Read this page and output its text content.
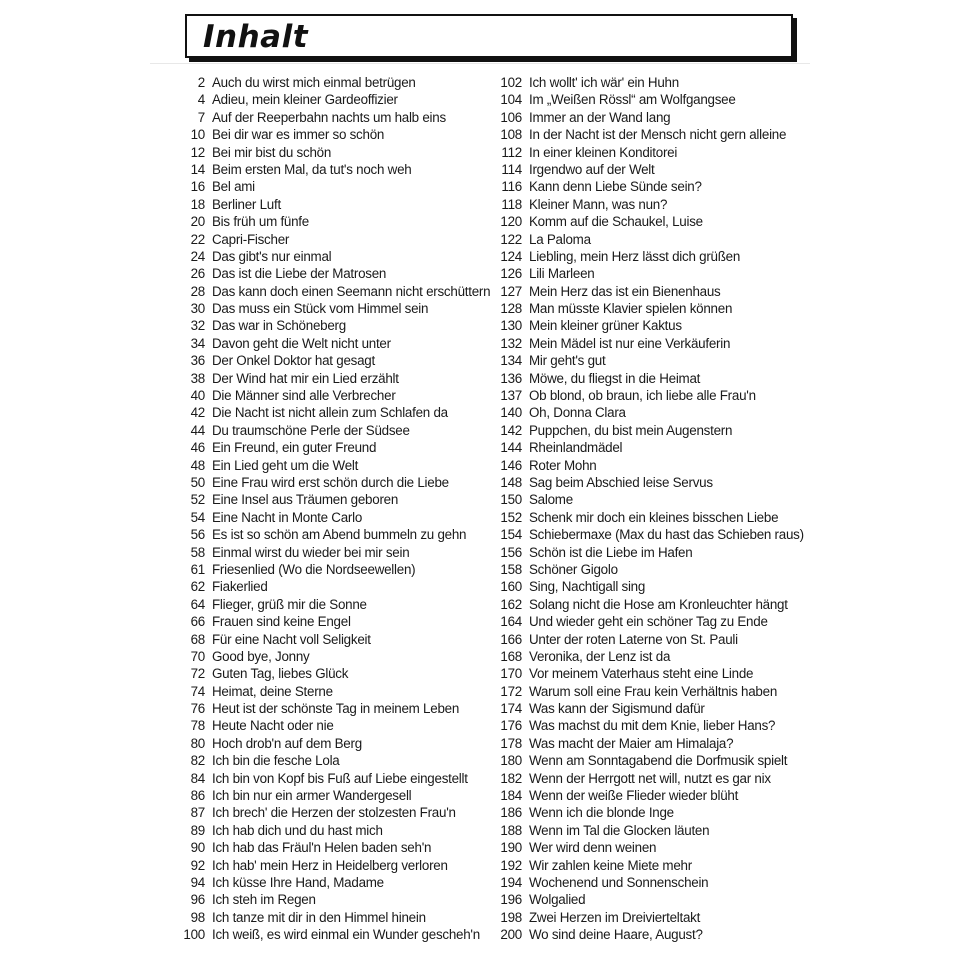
Inhalt
2 Auch du wirst mich einmal betrügen
4 Adieu, mein kleiner Gardeoffizier
7 Auf der Reeperbahn nachts um halb eins
10 Bei dir war es immer so schön
12 Bei mir bist du schön
14 Beim ersten Mal, da tut's noch weh
16 Bel ami
18 Berliner Luft
20 Bis früh um fünfe
22 Capri-Fischer
24 Das gibt's nur einmal
26 Das ist die Liebe der Matrosen
28 Das kann doch einen Seemann nicht erschüttern
30 Das muss ein Stück vom Himmel sein
32 Das war in Schöneberg
34 Davon geht die Welt nicht unter
36 Der Onkel Doktor hat gesagt
38 Der Wind hat mir ein Lied erzählt
40 Die Männer sind alle Verbrecher
42 Die Nacht ist nicht allein zum Schlafen da
44 Du traumschöne Perle der Südsee
46 Ein Freund, ein guter Freund
48 Ein Lied geht um die Welt
50 Eine Frau wird erst schön durch die Liebe
52 Eine Insel aus Träumen geboren
54 Eine Nacht in Monte Carlo
56 Es ist so schön am Abend bummeln zu gehn
58 Einmal wirst du wieder bei mir sein
61 Friesenlied (Wo die Nordseewellen)
62 Fiakerlied
64 Flieger, grüß mir die Sonne
66 Frauen sind keine Engel
68 Für eine Nacht voll Seligkeit
70 Good bye, Jonny
72 Guten Tag, liebes Glück
74 Heimat, deine Sterne
76 Heut ist der schönste Tag in meinem Leben
78 Heute Nacht oder nie
80 Hoch drob'n auf dem Berg
82 Ich bin die fesche Lola
84 Ich bin von Kopf bis Fuß auf Liebe eingestellt
86 Ich bin nur ein armer Wandergesell
87 Ich brech' die Herzen der stolzesten Frau'n
89 Ich hab dich und du hast mich
90 Ich hab das Fräul'n Helen baden seh'n
92 Ich hab' mein Herz in Heidelberg verloren
94 Ich küsse Ihre Hand, Madame
96 Ich steh im Regen
98 Ich tanze mit dir in den Himmel hinein
100 Ich weiß, es wird einmal ein Wunder gescheh'n
102 Ich wollt' ich wär' ein Huhn
104 Im „Weißen Rössl“ am Wolfgangsee
106 Immer an der Wand lang
108 In der Nacht ist der Mensch nicht gern alleine
112 In einer kleinen Konditorei
114 Irgendwo auf der Welt
116 Kann denn Liebe Sünde sein?
118 Kleiner Mann, was nun?
120 Komm auf die Schaukel, Luise
122 La Paloma
124 Liebling, mein Herz lässt dich grüßen
126 Lili Marleen
127 Mein Herz das ist ein Bienenhaus
128 Man müsste Klavier spielen können
130 Mein kleiner grüner Kaktus
132 Mein Mädel ist nur eine Verkäuferin
134 Mir geht's gut
136 Möwe, du fliegst in die Heimat
137 Ob blond, ob braun, ich liebe alle Frau'n
140 Oh, Donna Clara
142 Puppchen, du bist mein Augenstern
144 Rheinlandmädel
146 Roter Mohn
148 Sag beim Abschied leise Servus
150 Salome
152 Schenk mir doch ein kleines bisschen Liebe
154 Schiebermaxe (Max du hast das Schieben raus)
156 Schön ist die Liebe im Hafen
158 Schöner Gigolo
160 Sing, Nachtigall sing
162 Solang nicht die Hose am Kronleuchter hängt
164 Und wieder geht ein schöner Tag zu Ende
166 Unter der roten Laterne von St. Pauli
168 Veronika, der Lenz ist da
170 Vor meinem Vaterhaus steht eine Linde
172 Warum soll eine Frau kein Verhältnis haben
174 Was kann der Sigismund dafür
176 Was machst du mit dem Knie, lieber Hans?
178 Was macht der Maier am Himalaja?
180 Wenn am Sonntagabend die Dorfmusik spielt
182 Wenn der Herrgott net will, nutzt es gar nix
184 Wenn der weiße Flieder wieder blüht
186 Wenn ich die blonde Inge
188 Wenn im Tal die Glocken läuten
190 Wer wird denn weinen
192 Wir zahlen keine Miete mehr
194 Wochenend und Sonnenschein
196 Wolgalied
198 Zwei Herzen im Dreivierteltakt
200 Wo sind deine Haare, August?
